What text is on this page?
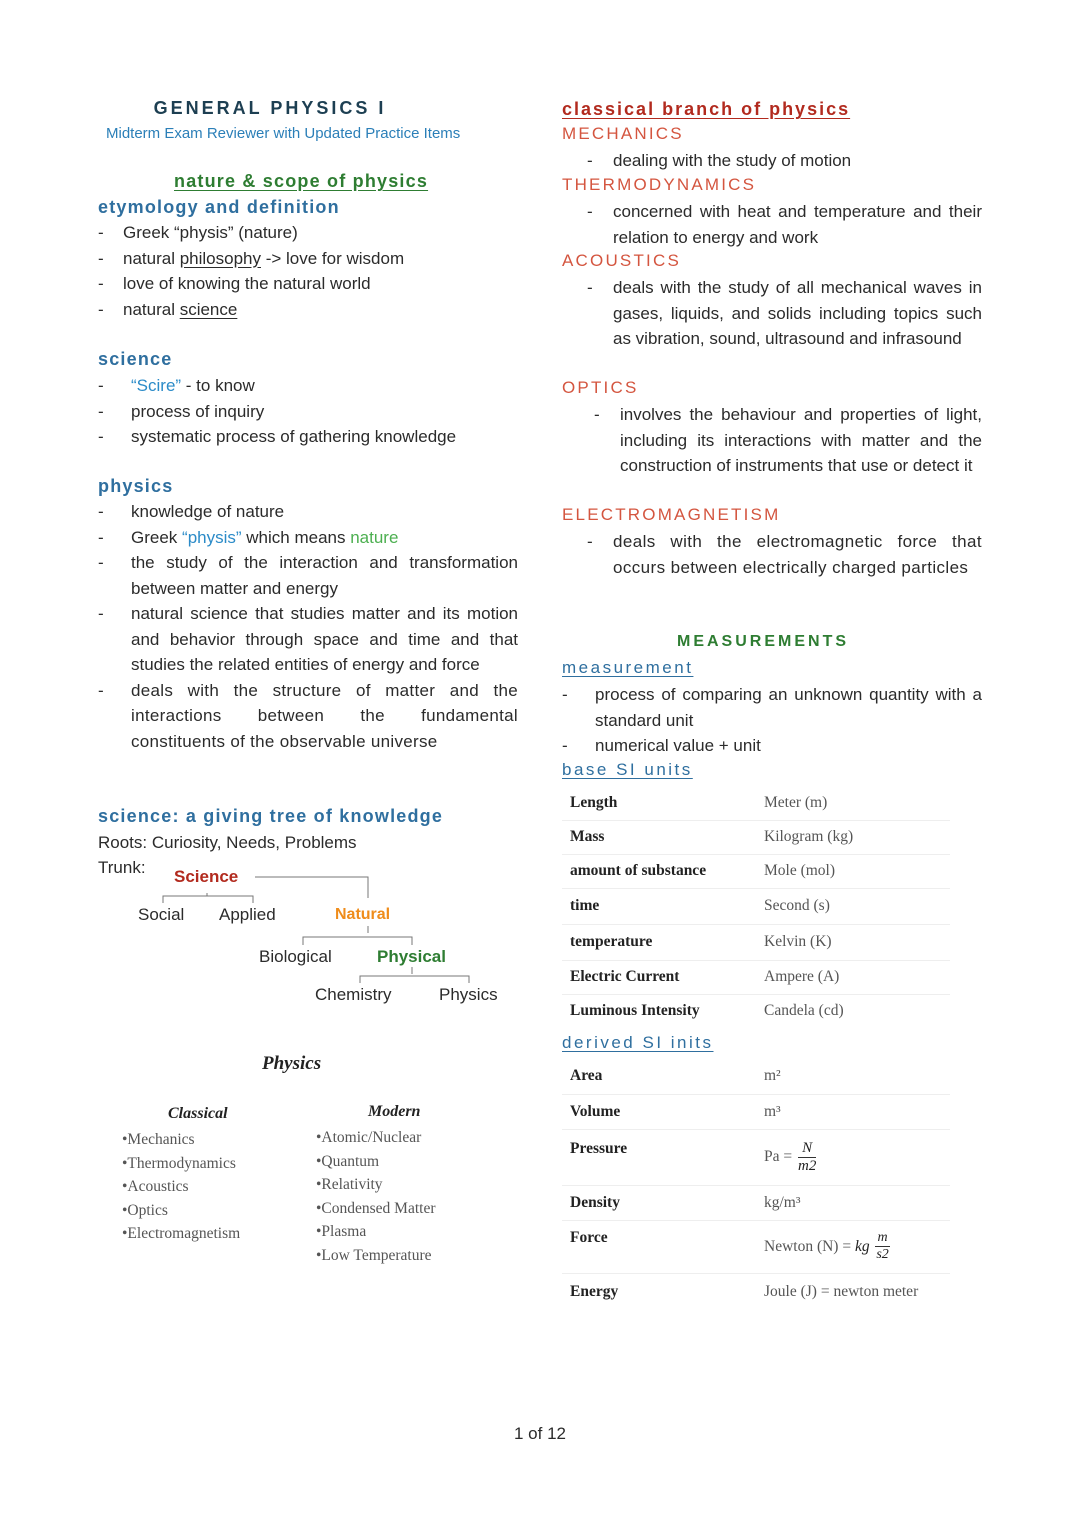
GENERAL PHYSICS I
Midterm Exam Reviewer with Updated Practice Items
nature & scope of physics
etymology and definition
- Greek “physis” (nature)
- natural philosophy -> love for wisdom
- love of knowing the natural world
- natural science
science
- “Scire” - to know
- process of inquiry
- systematic process of gathering knowledge
physics
- knowledge of nature
- Greek “physis” which means nature
- the study of the interaction and transformation between matter and energy
- natural science that studies matter and its motion and behavior through space and time and that studies the related entities of energy and force
- deals with the structure of matter and the interactions between the fundamental constituents of the observable universe
science: a giving tree of knowledge
Roots: Curiosity, Needs, Problems
Trunk: Science
Social Applied	Natural
Biological	Physical
Chemistry	Physics
Physics
Classical
•Mechanics
•Thermodynamics
•Acoustics
•Optics
•Electromagnetism
Modern
•Atomic/Nuclear
•Quantum
•Relativity
•Condensed Matter
•Plasma
•Low Temperature
classical branch of physics
MECHANICS
- dealing with the study of motion
THERMODYNAMICS
- concerned with heat and temperature and their relation to energy and work
ACOUSTICS
- deals with the study of all mechanical waves in gases, liquids, and solids including topics such as vibration, sound, ultrasound and infrasound
OPTICS
- involves the behaviour and properties of light, including its interactions with matter and the construction of instruments that use or detect it
ELECTROMAGNETISM
- deals with the electromagnetic force that occurs between electrically charged particles
MEASUREMENTS
measurement
- process of comparing an unknown quantity with a standard unit
- numerical value + unit
base SI units
Length	Meter (m)
Mass	Kilogram (kg)
amount of substance	Mole (mol)
time	Second (s)
temperature	Kelvin (K)
Electric Current	Ampere (A)
Luminous Intensity	Candela (cd)
derived SI inits
Area	m²
Volume	m³
Pressure	$Pa = \frac{N}{m2}$

Density	kg/m³
Force	Newton (N) = kg $\frac{m}{s2}$

Energy	Joule (J) = newton meter
1 of 12
